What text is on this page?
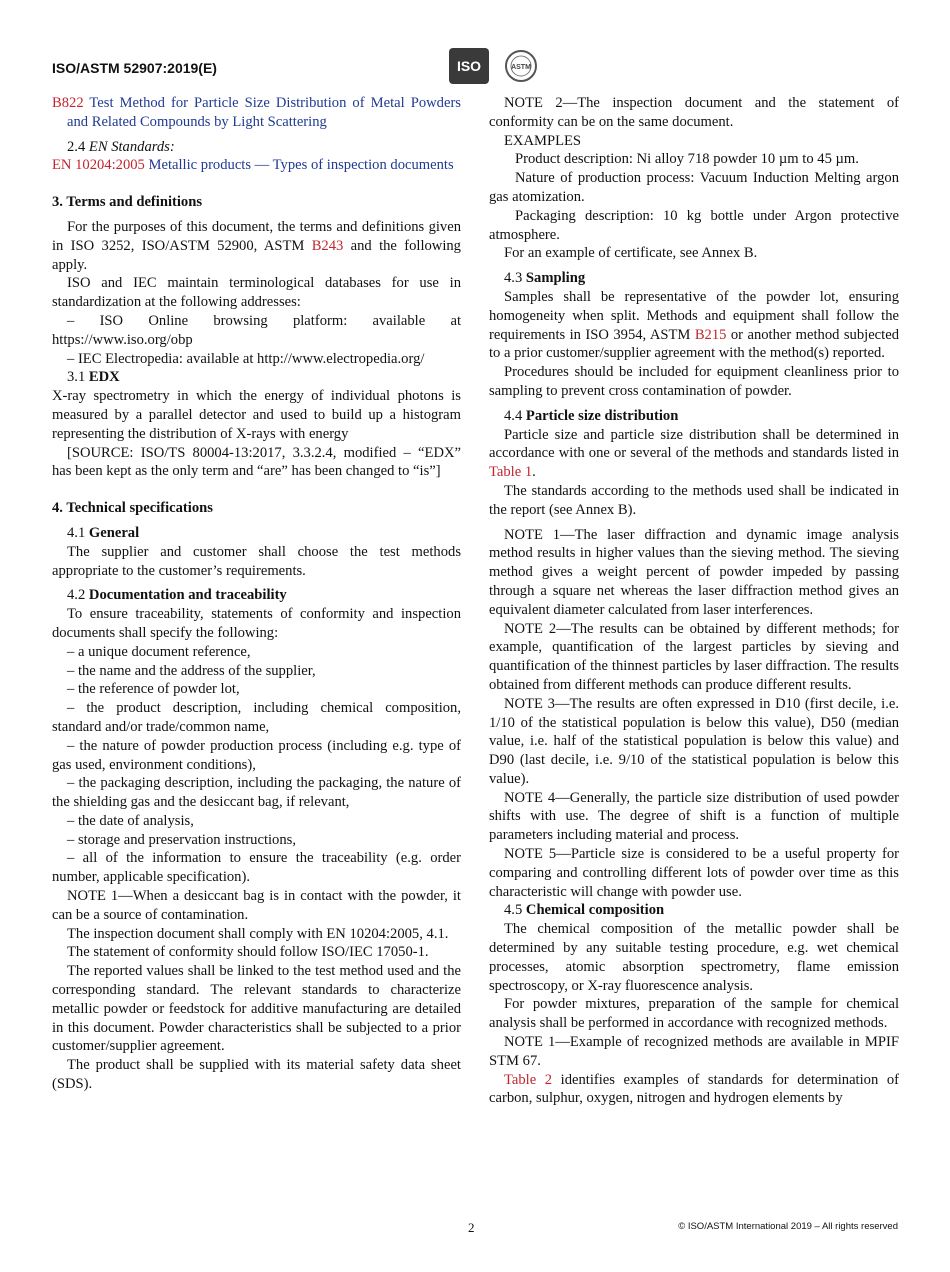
ISO/ASTM 52907:2019(E)	ISO	ASTM
B822 Test Method for Particle Size Distribution of Metal Powders and Related Compounds by Light Scattering

2.4 EN Standards:

EN 10204:2005 Metallic products — Types of inspection documents

3. Terms and definitions

For the purposes of this document, the terms and definitions given in ISO 3252, ISO/ASTM 52900, ASTM B243 and the following apply.

ISO and IEC maintain terminological databases for use in standardization at the following addresses:

– ISO Online browsing platform: available at https://www.iso.org/obp

– IEC Electropedia: available at http://www.electropedia.org/

3.1 EDX

X-ray spectrometry in which the energy of individual photons is measured by a parallel detector and used to build up a histogram representing the distribution of X-rays with energy

[SOURCE: ISO/TS 80004-13:2017, 3.3.2.4, modified – “EDX” has been kept as the only term and “are” has been changed to “is”]

4. Technical specifications

4.1 General

The supplier and customer shall choose the test methods appropriate to the customer’s requirements.

4.2 Documentation and traceability

To ensure traceability, statements of conformity and inspection documents shall specify the following:

– a unique document reference,

– the name and the address of the supplier,

– the reference of powder lot,

– the product description, including chemical composition, standard and/or trade/common name,

– the nature of powder production process (including e.g. type of gas used, environment conditions),

– the packaging description, including the packaging, the nature of the shielding gas and the desiccant bag, if relevant,

– the date of analysis,

– storage and preservation instructions,

– all of the information to ensure the traceability (e.g. order number, applicable specification).

NOTE 1—When a desiccant bag is in contact with the powder, it can be a source of contamination.

The inspection document shall comply with EN 10204:2005, 4.1.

The statement of conformity should follow ISO/IEC 17050-1.

The reported values shall be linked to the test method used and the corresponding standard. The relevant standards to characterize metallic powder or feedstock for additive manufacturing are detailed in this document. Powder characteristics shall be subjected to a prior customer/supplier agreement.

The product shall be supplied with its material safety data sheet (SDS).

NOTE 2—The inspection document and the statement of conformity can be on the same document.

EXAMPLES

Product description: Ni alloy 718 powder 10 µm to 45 µm.

Nature of production process: Vacuum Induction Melting argon gas atomization.

Packaging description: 10 kg bottle under Argon protective atmosphere.

For an example of certificate, see Annex B.

4.3 Sampling

Samples shall be representative of the powder lot, ensuring homogeneity when split. Methods and equipment shall follow the requirements in ISO 3954, ASTM B215 or another method subjected to a prior customer/supplier agreement with the method(s) reported.

Procedures should be included for equipment cleanliness prior to sampling to prevent cross contamination of powder.

4.4 Particle size distribution

Particle size and particle size distribution shall be determined in accordance with one or several of the methods and standards listed in Table 1.

The standards according to the methods used shall be indicated in the report (see Annex B).

NOTE 1—The laser diffraction and dynamic image analysis method results in higher values than the sieving method. The sieving method gives a weight percent of powder impeded by passing through a square net whereas the laser diffraction method gives an equivalent diameter calculated from laser interferences.

NOTE 2—The results can be obtained by different methods; for example, quantification of the largest particles by sieving and quantification of the thinnest particles by laser diffraction. The results obtained from different methods can produce different results.

NOTE 3—The results are often expressed in D10 (first decile, i.e. 1/10 of the statistical population is below this value), D50 (median value, i.e. half of the statistical population is below this value) and D90 (last decile, i.e. 9/10 of the statistical population is below this value).

NOTE 4—Generally, the particle size distribution of used powder shifts with use. The degree of shift is a function of multiple parameters including material and process.

NOTE 5—Particle size is considered to be a useful property for comparing and controlling different lots of powder over time as this characteristic will change with powder use.

4.5 Chemical composition

The chemical composition of the metallic powder shall be determined by any suitable testing procedure, e.g. wet chemical processes, atomic absorption spectrometry, flame emission spectroscopy, or X-ray fluorescence analysis.

For powder mixtures, preparation of the sample for chemical analysis shall be performed in accordance with recognized methods.

NOTE 1—Example of recognized methods are available in MPIF STM 67.

Table 2 identifies examples of standards for determination of carbon, sulphur, oxygen, nitrogen and hydrogen elements by

2	© ISO/ASTM International 2019 – All rights reserved
